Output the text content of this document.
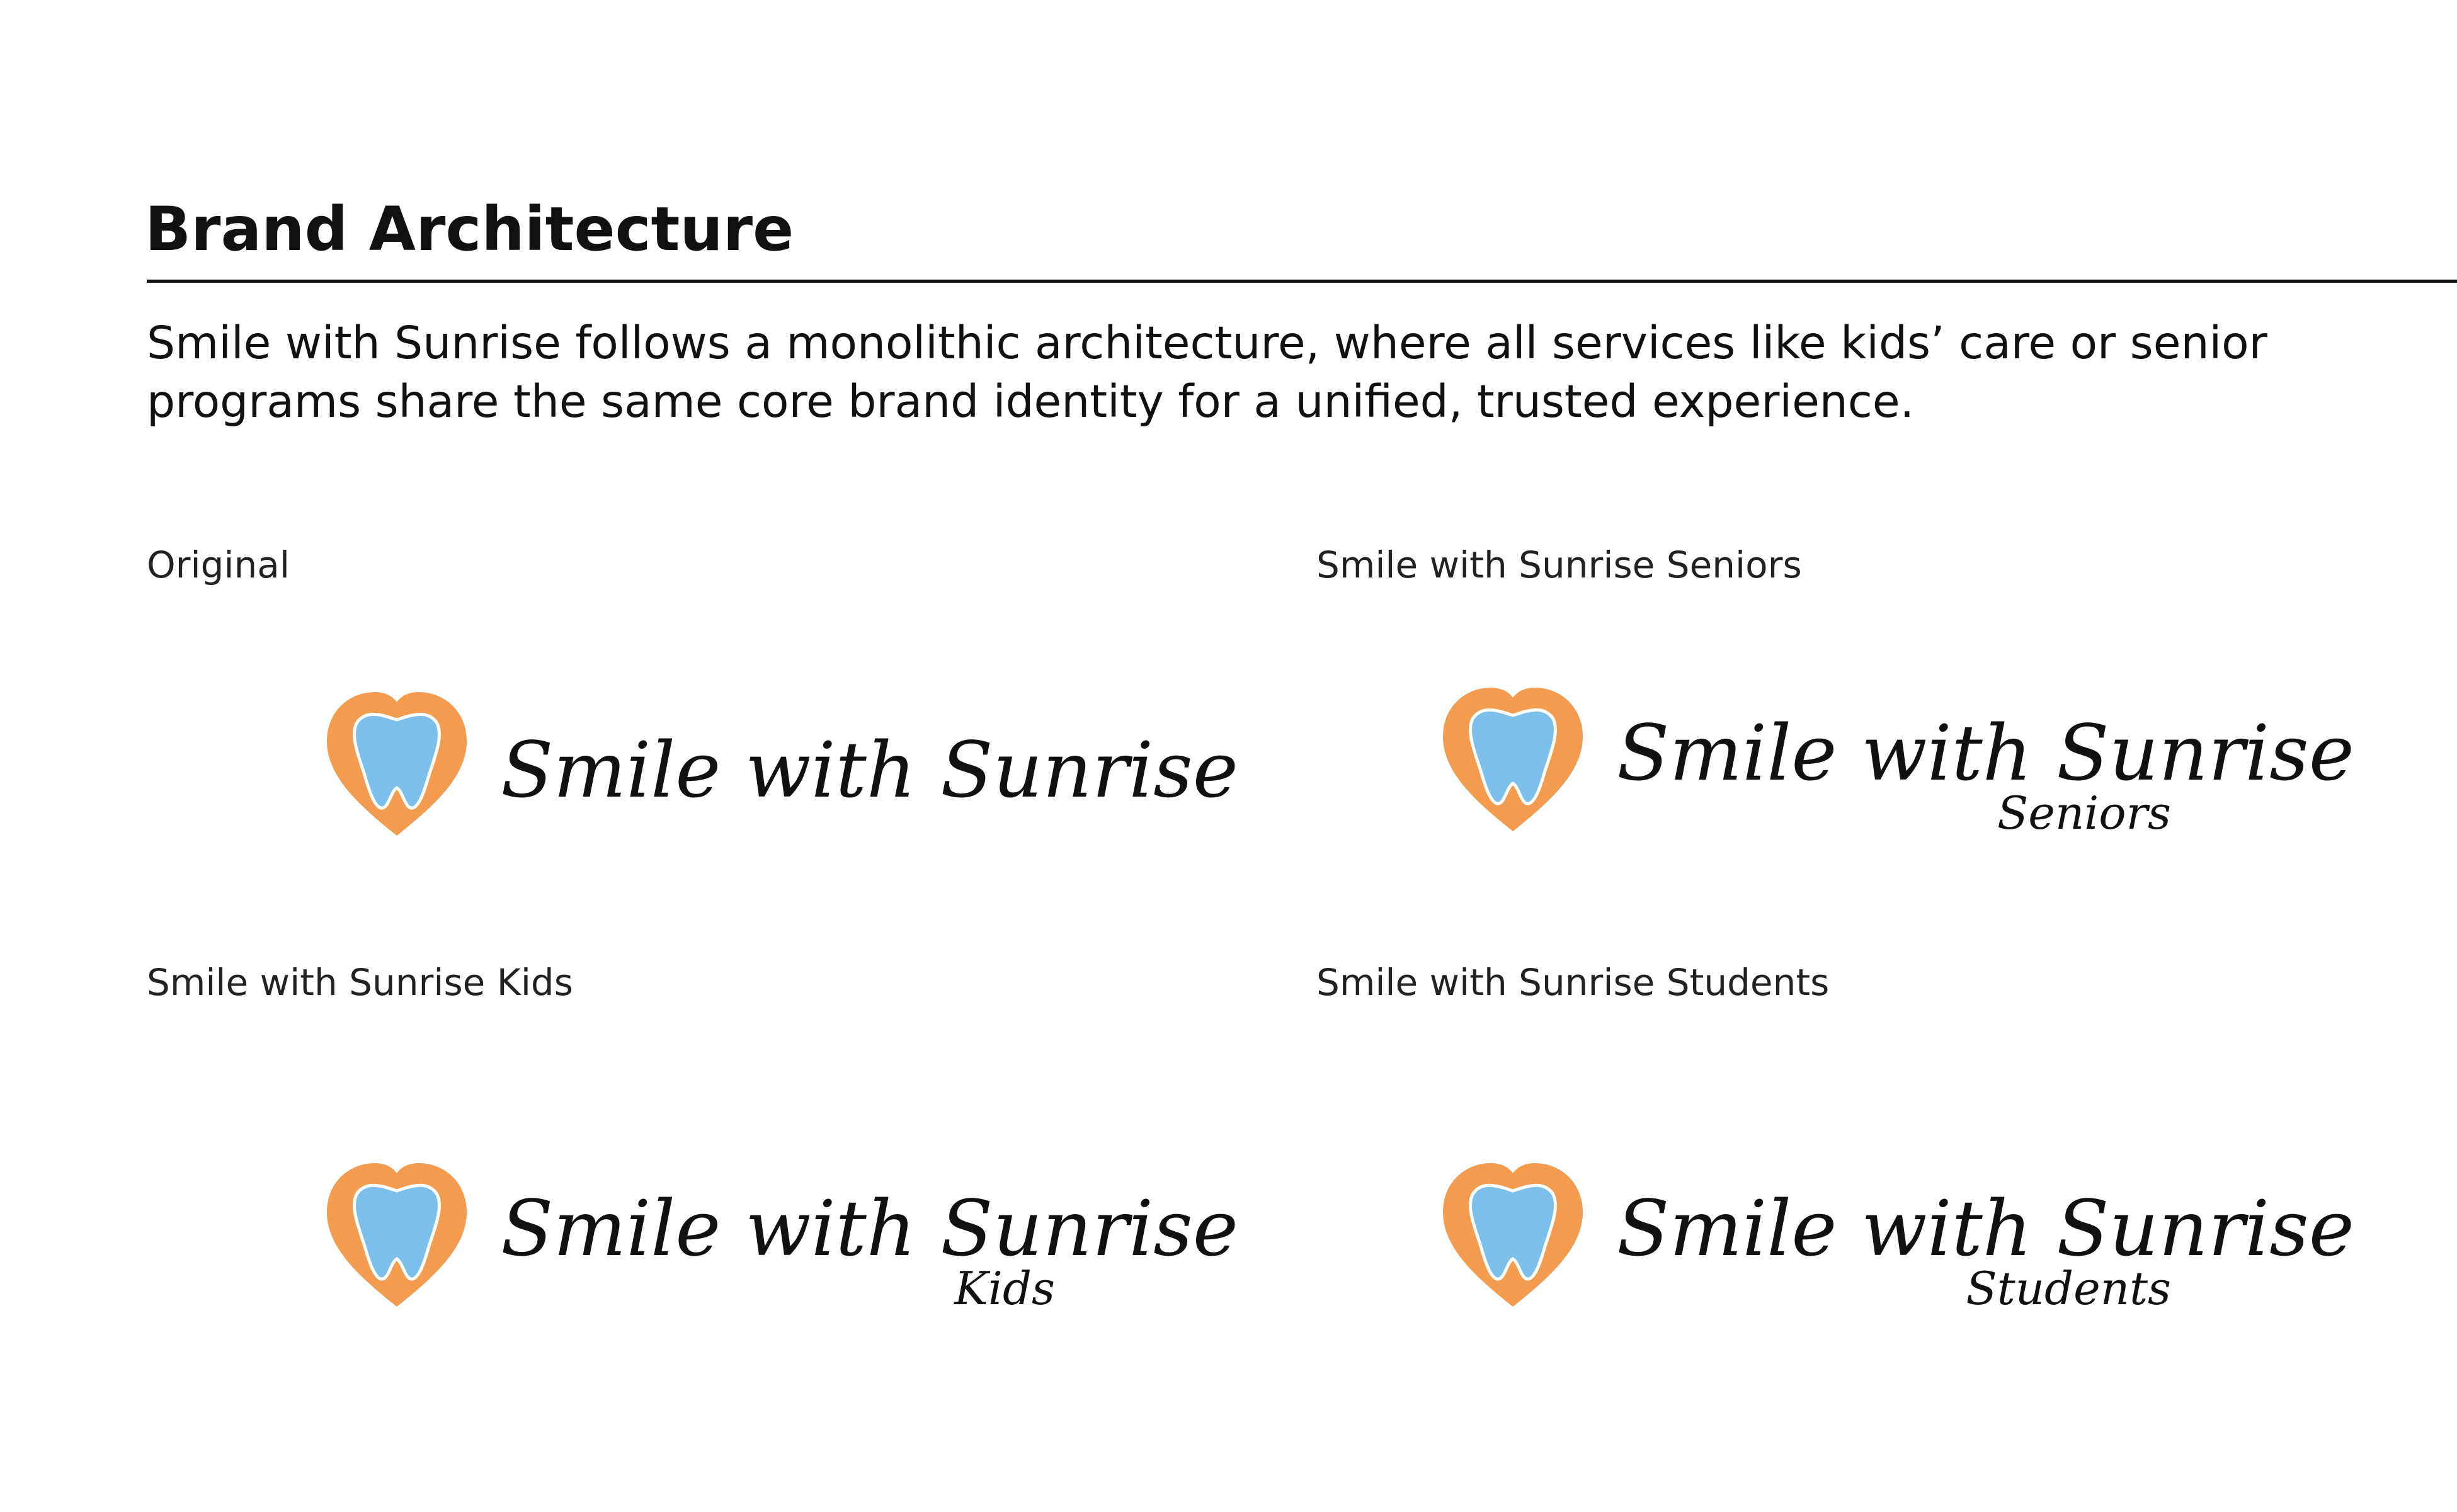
Brand Architecture

Smile with Sunrise follows a monolithic architecture, where all services like kids’ care or senior programs share the same core brand identity for a unified, trusted experience.

Original

Smile with Sunrise

Smile with Sunrise Seniors

Smile with Sunrise
Seniors

Smile with Sunrise Kids

Smile with Sunrise
Kids

Smile with Sunrise Students

Smile with Sunrise
Students
